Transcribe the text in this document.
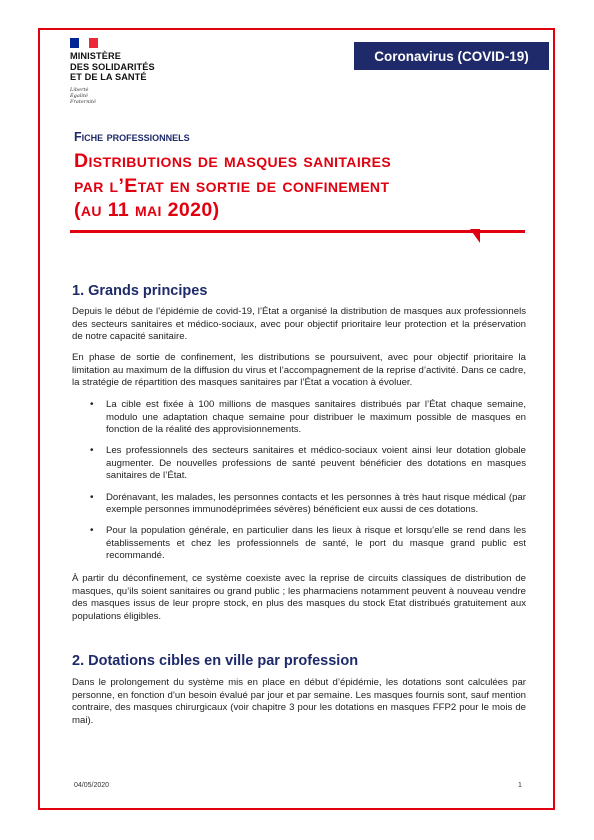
MINISTÈRE
DES SOLIDARITÉS
ET DE LA SANTÉ
Liberté
Égalité
Fraternité
Coronavirus (COVID-19)
Fiche professionnels
Distributions de masques sanitaires
par l’Etat en sortie de confinement
(au 11 mai 2020)
1. Grands principes
Depuis le début de l’épidémie de covid-19, l’État a organisé la distribution de masques aux professionnels des secteurs sanitaires et médico-sociaux, avec pour objectif prioritaire leur protection et la préservation de notre capacité sanitaire.
En phase de sortie de confinement, les distributions se poursuivent, avec pour objectif prioritaire la limitation au maximum de la diffusion du virus et l’accompagnement de la reprise d’activité. Dans ce cadre, la stratégie de répartition des masques sanitaires par l’État a vocation à évoluer.
• La cible est fixée à 100 millions de masques sanitaires distribués par l’État chaque semaine, modulo une adaptation chaque semaine pour distribuer le maximum possible de masques en fonction de la réalité des approvisionnements.
• Les professionnels des secteurs sanitaires et médico-sociaux voient ainsi leur dotation globale augmenter. De nouvelles professions de santé peuvent bénéficier des dotations en masques sanitaires de l’État.
• Dorénavant, les malades, les personnes contacts et les personnes à très haut risque médical (par exemple personnes immunodéprimées sévères) bénéficient eux aussi de ces dotations.
• Pour la population générale, en particulier dans les lieux à risque et lorsqu’elle se rend dans les établissements et chez les professionnels de santé, le port du masque grand public est recommandé.
À partir du déconfinement, ce système coexiste avec la reprise de circuits classiques de distribution de masques, qu’ils soient sanitaires ou grand public ; les pharmaciens notamment peuvent à nouveau vendre des masques issus de leur propre stock, en plus des masques du stock Etat distribués gratuitement aux populations éligibles.
2. Dotations cibles en ville par profession
Dans le prolongement du système mis en place en début d’épidémie, les dotations sont calculées par personne, en fonction d’un besoin évalué par jour et par semaine. Les masques fournis sont, sauf mention contraire, des masques chirurgicaux (voir chapitre 3 pour les dotations en masques FFP2 pour le mois de mai).
04/05/2020	1
